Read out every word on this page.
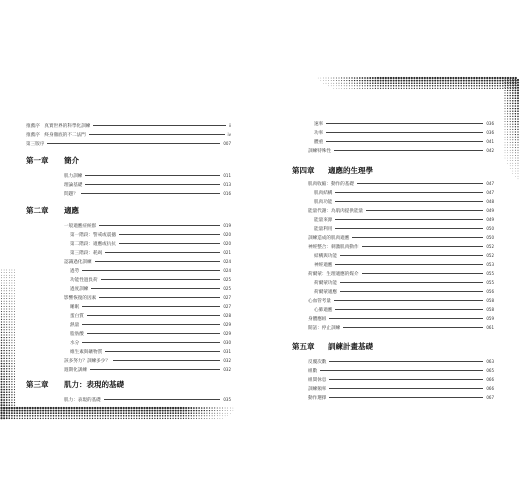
推薦序　真實世界的科學化訓練	ii
推薦序　終身徹底的不二法門	iv
第三版序	007
第一章 簡介
肌力訓練	011
理論基礎	013
問題？	016
第二章 適應
一般適應症候群	019
第一階段：警戒或震撼	020
第二階段：適應或抗抗	020
第三階段：耗竭	021
認識過化訓練	024
過勞	024
功能性過負荷	025
過度訓練	025
影響恢復的因素	027
睡眠	027
蛋白質	028
熱量	029
脂肪酸	029
水分	030
維生素與礦物質	031
該多努力？訓練多少？	032
週期化訓練	032
第三章 肌力：表現的基礎
肌力：表現的基礎	035
速率	036
功率	036
體重	041
訓練特殊性	042
第四章 適應的生理學
肌肉收縮：動作的基礎	047
肌肉結構	047
肌肉功能	048
能量代謝：為肌肉提供能量	049
能量來源	049
能量利用	050
訓練造成的肌肉適應	050
神經整合：刺激肌肉動作	052
結構與功能	052
神經適應	053
荷爾蒙：生理適應的媒介	055
荷爾蒙功能	055
荷爾蒙適應	056
心血管考量	058
心肺適應	058
身體應組	059
開話：停止訓練	061
第五章 訓練計畫基礎
反覆次數	063
組數	065
組間休息	066
訓練頻率	066
動作選擇	067
